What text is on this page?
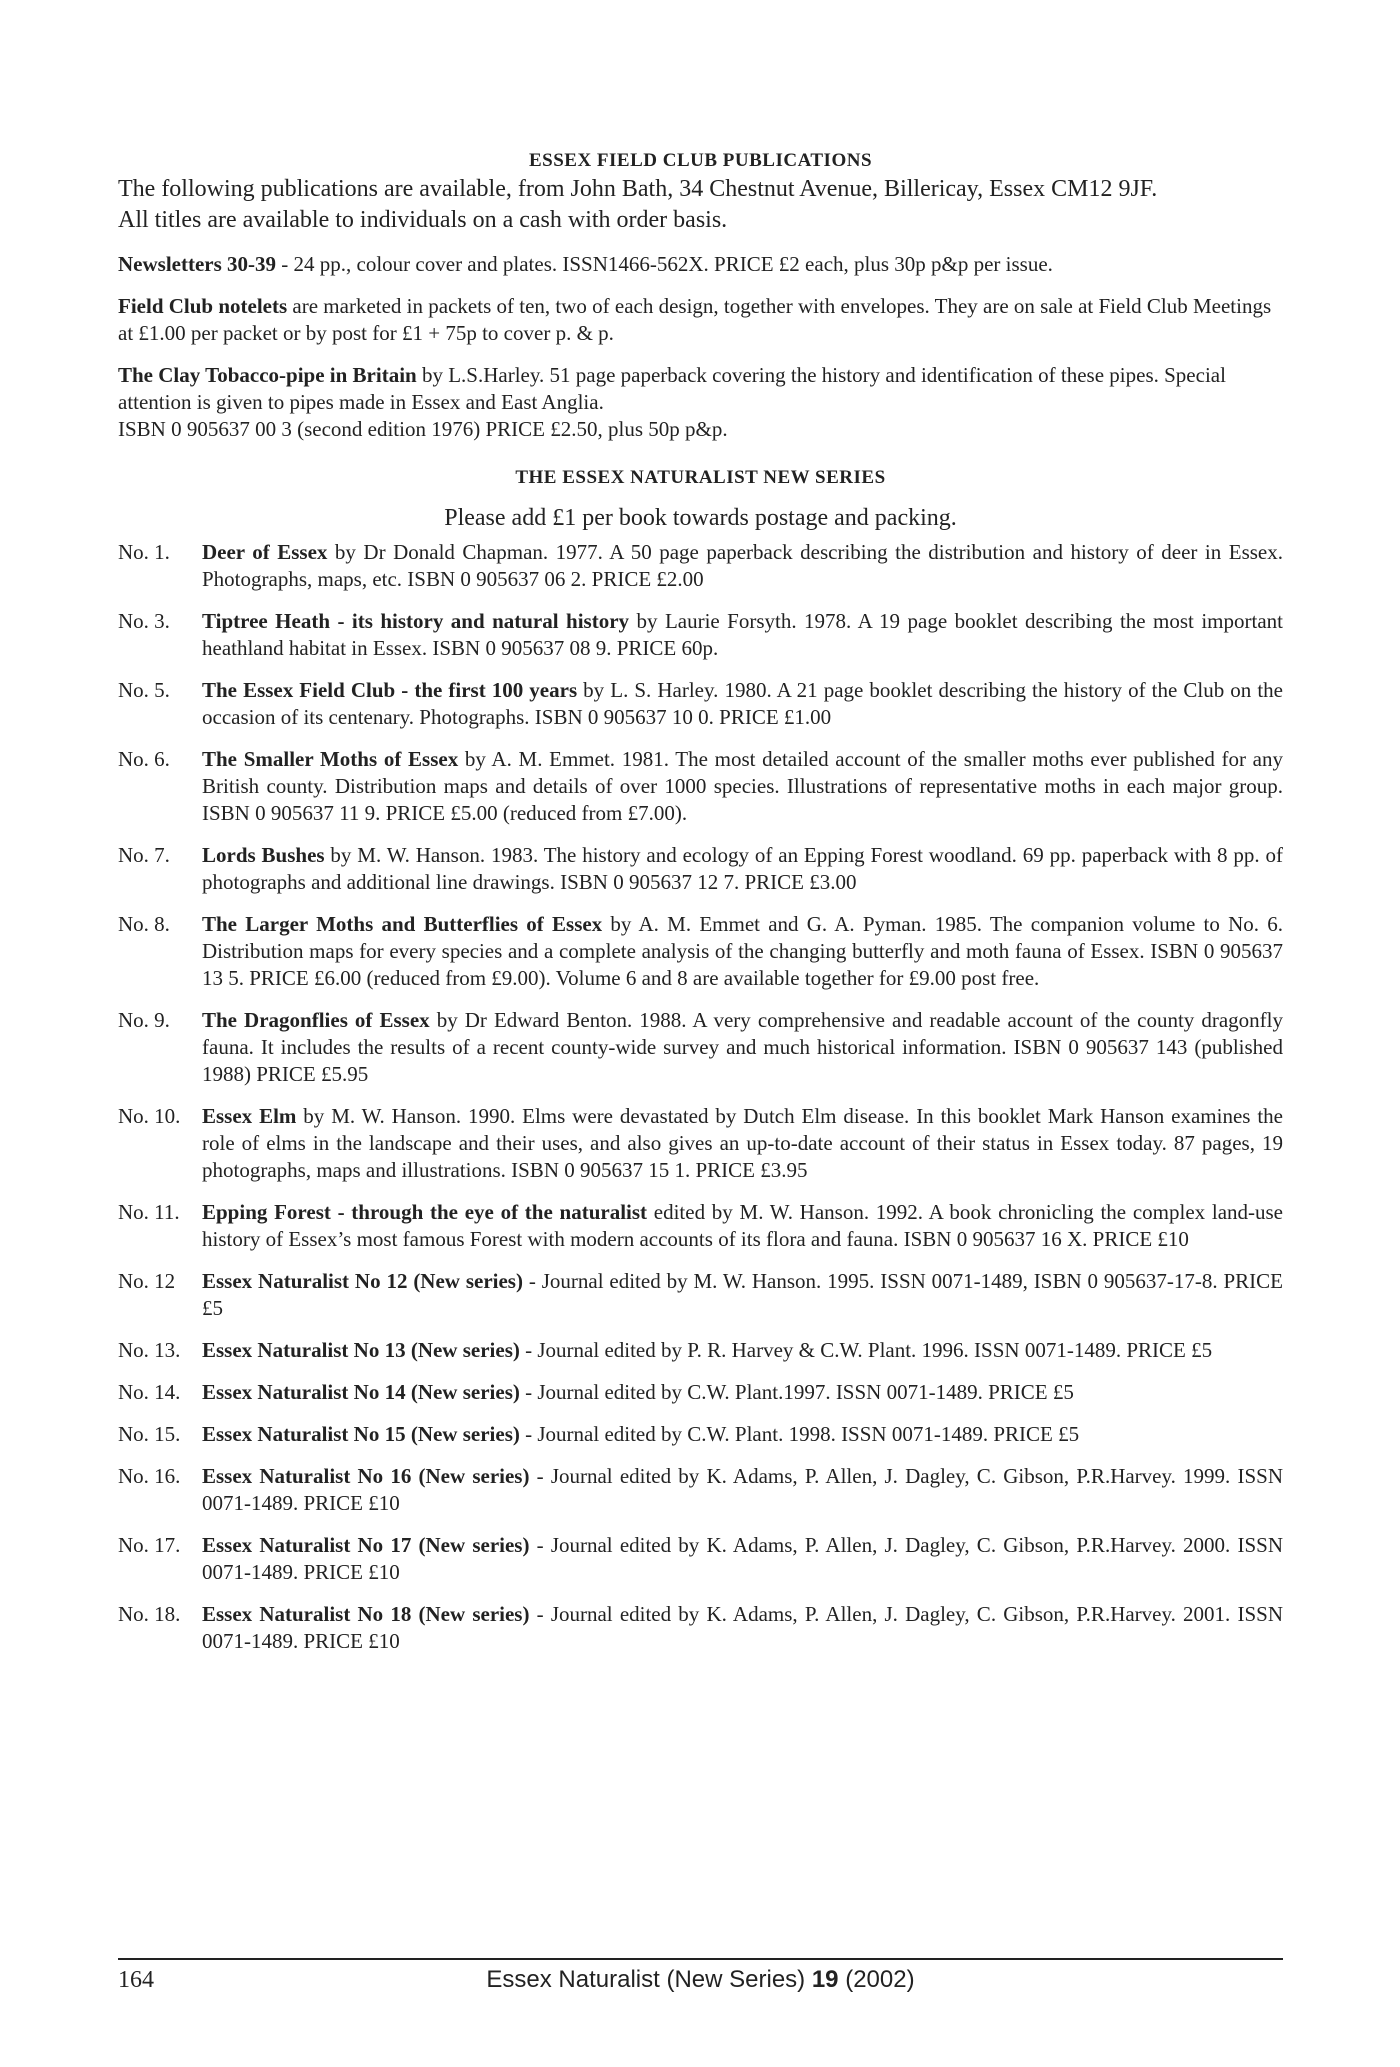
ESSEX FIELD CLUB PUBLICATIONS

The following publications are available, from John Bath, 34 Chestnut Avenue, Billericay, Essex CM12 9JF.

All titles are available to individuals on a cash with order basis.

Newsletters 30-39 - 24 pp., colour cover and plates. ISSN1466-562X. PRICE £2 each, plus 30p p&p per issue.

Field Club notelets are marketed in packets of ten, two of each design, together with envelopes. They are on sale at Field Club Meetings at £1.00 per packet or by post for £1 + 75p to cover p. & p.

The Clay Tobacco-pipe in Britain by L.S.Harley. 51 page paperback covering the history and identification of these pipes. Special attention is given to pipes made in Essex and East Anglia.
ISBN 0 905637 00 3 (second edition 1976) PRICE £2.50, plus 50p p&p.

THE ESSEX NATURALIST NEW SERIES

Please add £1 per book towards postage and packing.

No. 1.	Deer of Essex by Dr Donald Chapman. 1977. A 50 page paperback describing the distribution and history of deer in Essex. Photographs, maps, etc. ISBN 0 905637 06 2. PRICE £2.00
No. 3.	Tiptree Heath - its history and natural history by Laurie Forsyth. 1978. A 19 page booklet describing the most important heathland habitat in Essex. ISBN 0 905637 08 9. PRICE 60p.
No. 5.	The Essex Field Club - the first 100 years by L. S. Harley. 1980. A 21 page booklet describing the history of the Club on the occasion of its centenary. Photographs. ISBN 0 905637 10 0. PRICE £1.00
No. 6.	The Smaller Moths of Essex by A. M. Emmet. 1981. The most detailed account of the smaller moths ever published for any British county. Distribution maps and details of over 1000 species. Illustrations of representative moths in each major group. ISBN 0 905637 11 9. PRICE £5.00 (reduced from £7.00).
No. 7.	Lords Bushes by M. W. Hanson. 1983. The history and ecology of an Epping Forest woodland. 69 pp. paperback with 8 pp. of photographs and additional line drawings. ISBN 0 905637 12 7. PRICE £3.00
No. 8.	The Larger Moths and Butterflies of Essex by A. M. Emmet and G. A. Pyman. 1985. The companion volume to No. 6. Distribution maps for every species and a complete analysis of the changing butterfly and moth fauna of Essex. ISBN 0 905637 13 5. PRICE £6.00 (reduced from £9.00). Volume 6 and 8 are available together for £9.00 post free.
No. 9.	The Dragonflies of Essex by Dr Edward Benton. 1988. A very comprehensive and readable account of the county dragonfly fauna. It includes the results of a recent county-wide survey and much historical information. ISBN 0 905637 143 (published 1988) PRICE £5.95
No. 10.	Essex Elm by M. W. Hanson. 1990. Elms were devastated by Dutch Elm disease. In this booklet Mark Hanson examines the role of elms in the landscape and their uses, and also gives an up-to-date account of their status in Essex today. 87 pages, 19 photographs, maps and illustrations. ISBN 0 905637 15 1. PRICE £3.95
No. 11.	Epping Forest - through the eye of the naturalist edited by M. W. Hanson. 1992. A book chronicling the complex land-use history of Essex’s most famous Forest with modern accounts of its flora and fauna. ISBN 0 905637 16 X. PRICE £10
No. 12	Essex Naturalist No 12 (New series) - Journal edited by M. W. Hanson. 1995. ISSN 0071-1489, ISBN 0 905637-17-8. PRICE £5
No. 13.	Essex Naturalist No 13 (New series) - Journal edited by P. R. Harvey & C.W. Plant. 1996. ISSN 0071-1489. PRICE £5
No. 14.	Essex Naturalist No 14 (New series) - Journal edited by C.W. Plant.1997. ISSN 0071-1489. PRICE £5
No. 15.	Essex Naturalist No 15 (New series) - Journal edited by C.W. Plant. 1998. ISSN 0071-1489. PRICE £5
No. 16.	Essex Naturalist No 16 (New series) - Journal edited by K. Adams, P. Allen, J. Dagley, C. Gibson, P.R.Harvey. 1999. ISSN 0071-1489. PRICE £10
No. 17.	Essex Naturalist No 17 (New series) - Journal edited by K. Adams, P. Allen, J. Dagley, C. Gibson, P.R.Harvey. 2000. ISSN 0071-1489. PRICE £10
No. 18.	Essex Naturalist No 18 (New series) - Journal edited by K. Adams, P. Allen, J. Dagley, C. Gibson, P.R.Harvey. 2001. ISSN 0071-1489. PRICE £10
164	Essex Naturalist (New Series) 19 (2002)
